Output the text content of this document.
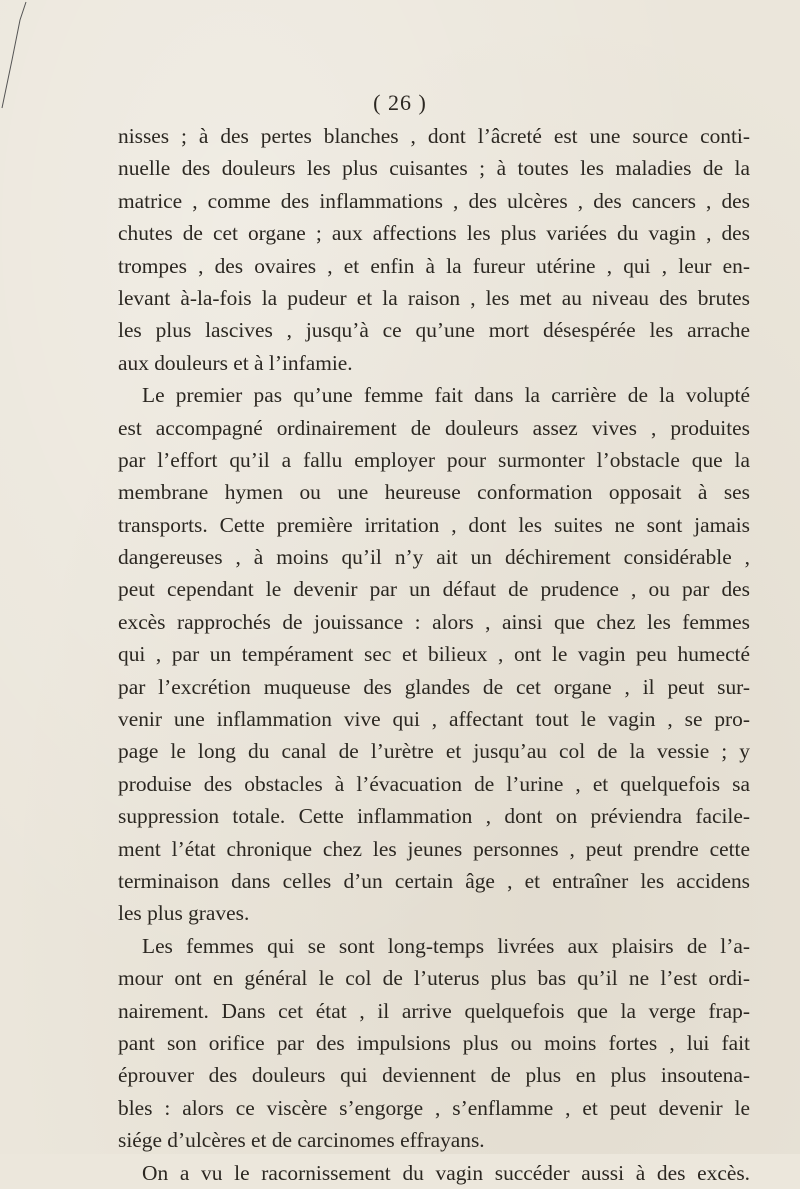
( 26 )
nisses ; à des pertes blanches , dont l’âcreté est une source conti-
nuelle des douleurs les plus cuisantes ; à toutes les maladies de la
matrice , comme des inflammations , des ulcères , des cancers , des
chutes de cet organe ; aux affections les plus variées du vagin , des
trompes , des ovaires , et enfin à la fureur utérine , qui , leur en-
levant à-la-fois la pudeur et la raison , les met au niveau des brutes
les plus lascives , jusqu’à ce qu’une mort désespérée les arrache
aux douleurs et à l’infamie.
Le premier pas qu’une femme fait dans la carrière de la volupté
est accompagné ordinairement de douleurs assez vives , produites
par l’effort qu’il a fallu employer pour surmonter l’obstacle que la
membrane hymen ou une heureuse conformation opposait à ses
transports. Cette première irritation , dont les suites ne sont jamais
dangereuses , à moins qu’il n’y ait un déchirement considérable ,
peut cependant le devenir par un défaut de prudence , ou par des
excès rapprochés de jouissance : alors , ainsi que chez les femmes
qui , par un tempérament sec et bilieux , ont le vagin peu humecté
par l’excrétion muqueuse des glandes de cet organe , il peut sur-
venir une inflammation vive qui , affectant tout le vagin , se pro-
page le long du canal de l’urètre et jusqu’au col de la vessie ; y
produise des obstacles à l’évacuation de l’urine , et quelquefois sa
suppression totale. Cette inflammation , dont on préviendra facile-
ment l’état chronique chez les jeunes personnes , peut prendre cette
terminaison dans celles d’un certain âge , et entraîner les accidens
les plus graves.
Les femmes qui se sont long-temps livrées aux plaisirs de l’a-
mour ont en général le col de l’uterus plus bas qu’il ne l’est ordi-
nairement. Dans cet état , il arrive quelquefois que la verge frap-
pant son orifice par des impulsions plus ou moins fortes , lui fait
éprouver des douleurs qui deviennent de plus en plus insoutena-
bles : alors ce viscère s’engorge , s’enflamme , et peut devenir le
siége d’ulcères et de carcinomes effrayans.
On a vu le racornissement du vagin succéder aussi à des excès.
